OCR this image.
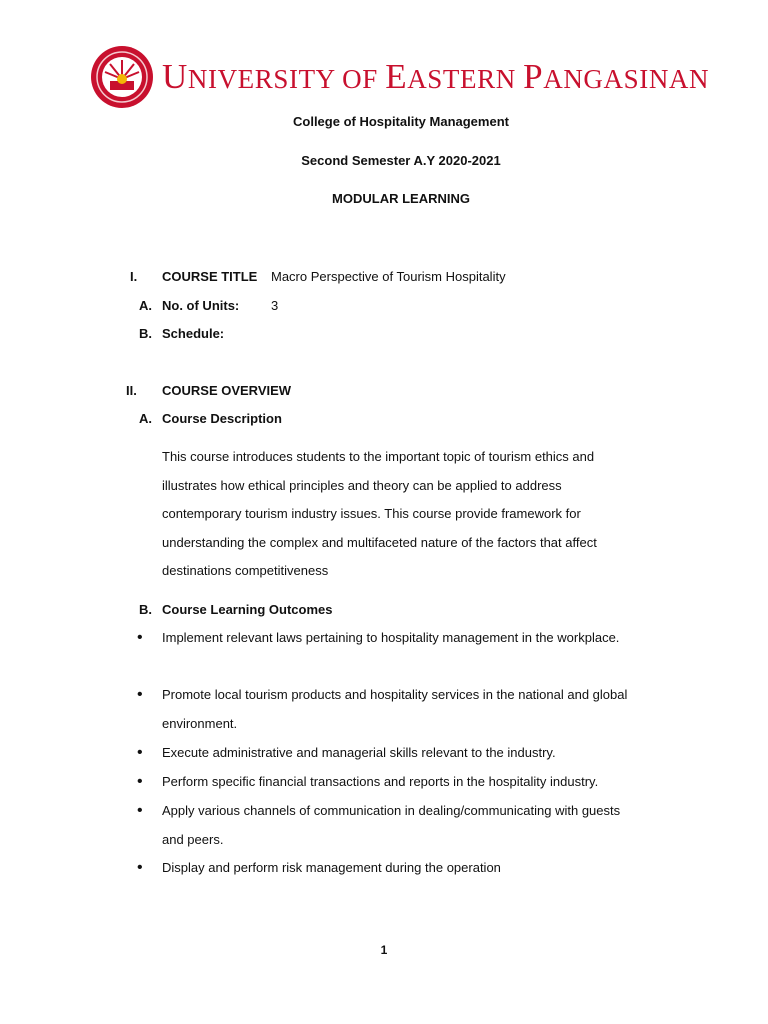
UNIVERSITY OF EASTERN PANGASINAN
College of Hospitality Management
Second Semester A.Y 2020-2021
MODULAR LEARNING
I. COURSE TITLE Macro Perspective of Tourism Hospitality
A. No. of Units: 3
B. Schedule:
II. COURSE OVERVIEW
A. Course Description
This course introduces students to the important topic of tourism ethics and
illustrates how ethical principles and theory can be applied to address
contemporary tourism industry issues. This course provide framework for
understanding the complex and multifaceted nature of the factors that affect
destinations competitiveness
B. Course Learning Outcomes
• Implement relevant laws pertaining to hospitality management in the workplace.
• Promote local tourism products and hospitality services in the national and global environment.
• Execute administrative and managerial skills relevant to the industry.
• Perform specific financial transactions and reports in the hospitality industry.
• Apply various channels of communication in dealing/communicating with guests and peers.
• Display and perform risk management during the operation
1
